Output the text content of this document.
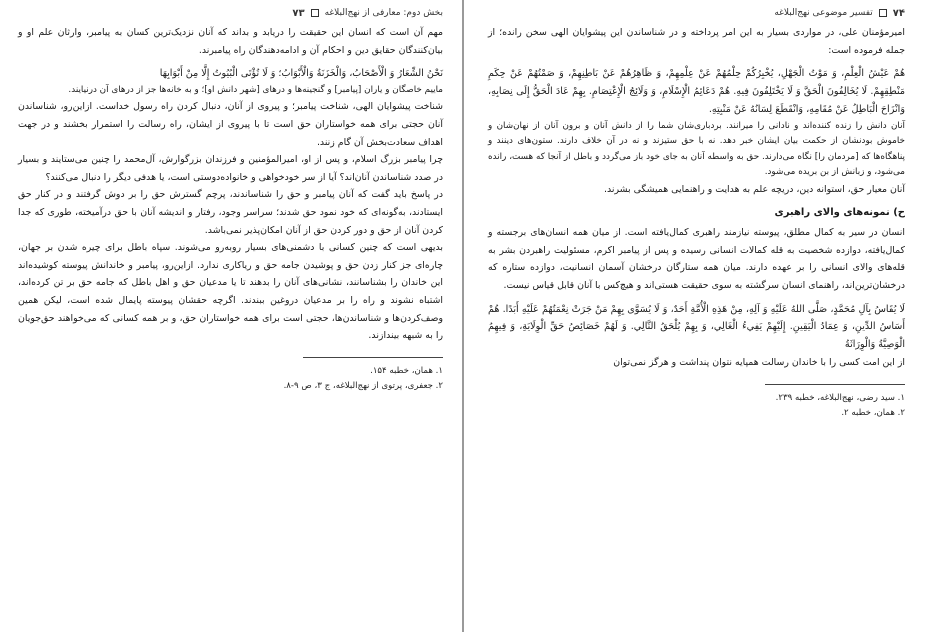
بخش دوم: معارفی از نهج‌البلاغه
۷۳

مهم آن است که انسان این حقیقت را دریابد و بداند که آنان نزدیک‌ترین کسان به پیامبر، وارثان علم او و بیان‌کنندگان حقایق دین و احکام آن و ادامه‌دهندگان راه پیامبرند.

نَحْنُ الشِّعَارُ وَ الْأَصْحَابُ، وَالْخَزَنَةُ وَالْأَبْوَابُ؛ وَ لَا تُؤْتَى الْبُيُوتُ إِلَّا مِنْ أَبْوَابِهَا

ماییم خاصگان و یاران [پیامبر] و گنجینه‌ها و درهای [شهر دانش او]؛ و به خانه‌ها جز از درهای آن درنیایند.

شناخت پیشوایان الهی، شناخت پیامبر؛ و پیروی از آنان، دنبال کردن راه رسول خداست. ازاین‌رو، شناساندن آنان حجتی برای همه خواستاران حق است تا با پیروی از ایشان، راه رسالت را استمرار بخشند و در جهت اهداف سعادت‌بخش آن گام زنند.

چرا پیامبر بزرگ اسلام، و پس از او، امیرالمؤمنین و فرزندان بزرگوارش، آل‌محمد را چنین می‌ستایند و بسیار در صدد شناساندن آنان‌اند؟ آیا از سر خودخواهی و خانواده‌دوستی است، یا هدفی دیگر را دنبال می‌کنند؟

در پاسخ باید گفت که آنان پیامبر و حق را شناساندند، پرچم گسترش حق را بر دوش گرفتند و در کنار حق ایستادند، به‌گونه‌ای که خود نمود حق شدند؛ سراسر وجود، رفتار و اندیشه آنان با حق درآمیخته، طوری که جدا کردن آنان از حق و دور کردن حق از آنان امکان‌پذیر نمی‌باشد.

بدیهی است که چنین کسانی با دشمنی‌های بسیار روبه‌رو می‌شوند. سپاه باطل برای چیره شدن بر جهان، چاره‌ای جز کنار زدن حق و پوشیدن جامه حق و ریاکاری ندارد. ازاین‌رو، پیامبر و خاندانش پیوسته کوشیده‌اند این خاندان را بشناسانند، نشانی‌های آنان را بدهند تا یا مدعیان حق و اهل باطل که جامه حق بر تن کرده‌اند، اشتباه نشوند و راه را بر مدعیان دروغین ببندند. اگرچه حقشان پیوسته پایمال شده است، لیکن همین وصف‌کردن‌ها و شناساندن‌ها، حجتی است برای همه خواستاران حق، و بر همه کسانی که می‌خواهند حق‌جویان را به شبهه بیندازند.

۱. همان، خطبه ۱۵۴.

۲. جعفری، پرتوی از نهج‌البلاغه، ج ۳، ص ۹-۸.

۷۴
تفسیر موضوعی نهج‌البلاغه

امیرمؤمنان علی، در مواردی بسیار به این امر پرداخته و در شناساندن این پیشوایان الهی سخن رانده؛ از جمله فرموده است:

هُمْ عَيْشُ الْعِلْمِ، وَ مَوْتُ الْجَهْلِ، يُخْبِرُكُمْ حِلْمُهُمْ عَنْ عِلْمِهِمْ، وَ ظَاهِرُهُمْ عَنْ بَاطِنِهِمْ، وَ صَمْتُهُمْ عَنْ حِكَمِ مَنْطِقِهِمْ. لَا يُخَالِفُونَ الْحَقَّ وَ لَا يَخْتَلِفُونَ فِيهِ. هُمْ دَعَائِمُ الْإِسْلَامِ، وَ وَلَائِجُ الْإِعْتِصَامِ. بِهِمْ عَادَ الْحَقُّ إِلَى نِصَابِهِ، وَانْزَاحَ الْبَاطِلُ عَنْ مُقَامِهِ، وَانْقَطَعَ لِسَانُهُ عَنْ مَنْبِتِهِ.

آنان دانش را زنده کننده‌اند و نادانی را میرانند. بردباری‌شان شما را از دانش آنان و برون آنان از نهان‌شان و خاموش بودنشان از حکمت بیان ایشان خبر دهد. نه با حق ستیزند و نه در آن خلاف دارند. ستون‌های دینند و پناهگاه‌ها که [مردمان را] نگاه می‌دارند. حق به واسطه آنان به جای خود باز می‌گردد و باطل از آنجا که هست، رانده می‌شود، و زبانش از بن بریده می‌شود.

آنان معیار حق، استوانه دین، دریچه علم به هدایت و راهنمایی همیشگی بشرند.

ح) نمونه‌های والای راهبری

انسان در سیر به کمال مطلق، پیوسته نیازمند راهبری کمال‌یافته است. از میان همه انسان‌های برجسته و کمال‌یافته، دوازده شخصیت به قله کمالات انسانی رسیده و پس از پیامبر اکرم، مسئولیت راهبردن بشر به قله‌های والای انسانی را بر عهده دارند. میان همه ستارگان درخشان آسمان انسانیت، دوازده ستاره که درخشان‌ترین‌اند، راهنمای انسان سرگشته به سوی حقیقت هستی‌اند و هیچ‌کس با آنان قابل قیاس نیست.

لَا يُقَاسُ بِآلِ مُحَمَّدٍ، صَلَّى اللهُ عَلَيْهِ وَ آلِهِ، مِنْ هَذِهِ الْأُمَّةِ أَحَدٌ، وَ لَا يُسَوَّى بِهِمْ مَنْ جَرَتْ نِعْمَتُهُمْ عَلَيْهِ أَبَدًا. هُمْ أَسَاسُ الدِّينِ، وَ عِمَادُ الْيَقِينِ. إِلَيْهِمْ يَفِيءُ الْغَالِي، وَ بِهِمْ يُلْحَقُ التَّالِي. وَ لَهُمْ خَصَائِصُ حَقِّ الْوِلَايَةِ، وَ فِيهِمُ الْوَصِيَّةُ وَالْوِرَاثَةُ

از این امت کسی را با خاندان رسالت همپایه نتوان پنداشت و هرگز نمی‌توان

۱. سید رضی، نهج‌البلاغه، خطبه ۲۳۹.

۲. همان، خطبه ۲.
